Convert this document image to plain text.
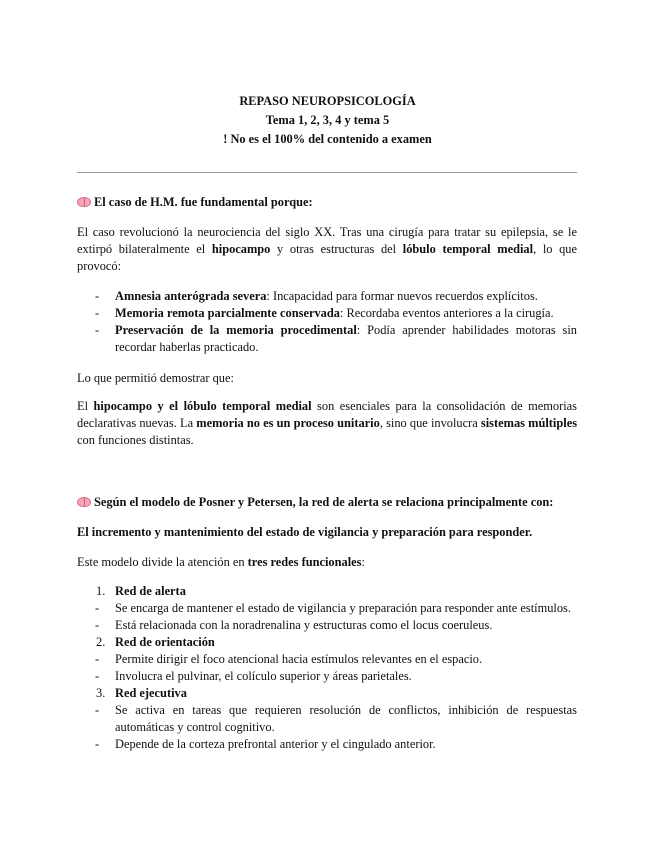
REPASO NEUROPSICOLOGÍA
Tema 1, 2, 3, 4 y tema 5
! No es el 100% del contenido a examen
El caso de H.M. fue fundamental porque:
El caso revolucionó la neurociencia del siglo XX. Tras una cirugía para tratar su epilepsia, se le extirpó bilateralmente el hipocampo y otras estructuras del lóbulo temporal medial, lo que provocó:
- Amnesia anterógrada severa: Incapacidad para formar nuevos recuerdos explícitos.
- Memoria remota parcialmente conservada: Recordaba eventos anteriores a la cirugía.
- Preservación de la memoria procedimental: Podía aprender habilidades motoras sin recordar haberlas practicado.
Lo que permitió demostrar que:
El hipocampo y el lóbulo temporal medial son esenciales para la consolidación de memorias declarativas nuevas. La memoria no es un proceso unitario, sino que involucra sistemas múltiples con funciones distintas.
Según el modelo de Posner y Petersen, la red de alerta se relaciona principalmente con:
El incremento y mantenimiento del estado de vigilancia y preparación para responder.
Este modelo divide la atención en tres redes funcionales:
1. Red de alerta
- Se encarga de mantener el estado de vigilancia y preparación para responder ante estímulos.
- Está relacionada con la noradrenalina y estructuras como el locus coeruleus.
2. Red de orientación
- Permite dirigir el foco atencional hacia estímulos relevantes en el espacio.
- Involucra el pulvinar, el colículo superior y áreas parietales.
3. Red ejecutiva
- Se activa en tareas que requieren resolución de conflictos, inhibición de respuestas automáticas y control cognitivo.
- Depende de la corteza prefrontal anterior y el cingulado anterior.
